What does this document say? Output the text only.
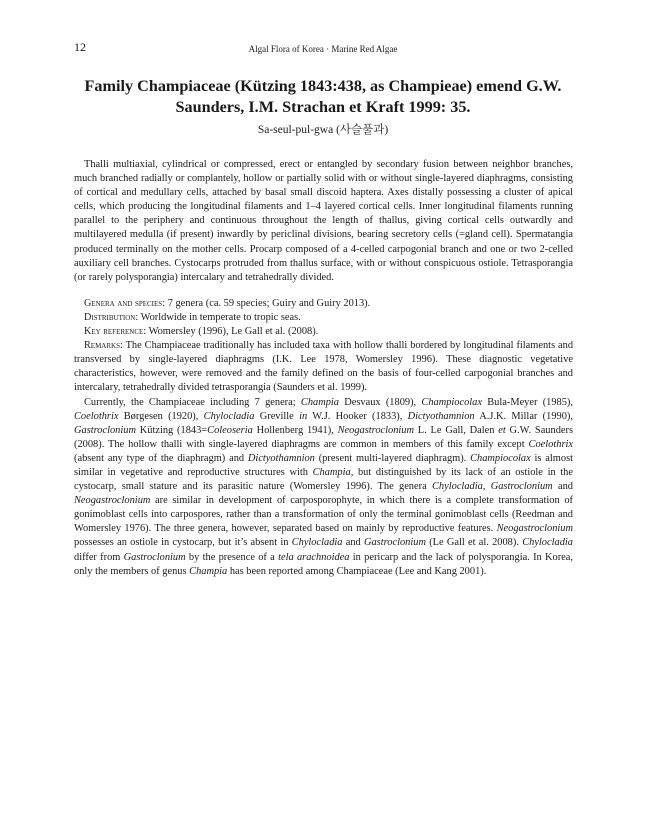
12	Algal Flora of Korea · Marine Red Algae
Family Champiaceae (Kützing 1843:438, as Champieae) emend G.W. Saunders, I.M. Strachan et Kraft 1999: 35.
Sa-seul-pul-gwa (사슬풀과)

Thalli multiaxial, cylindrical or compressed, erect or entangled by secondary fusion between neighbor branches, much branched radially or complantely, hollow or partially solid with or without single-layered diaphragms, consisting of cortical and medullary cells, attached by basal small discoid haptera. Axes distally possessing a cluster of apical cells, which producing the longitudinal filaments and 1–4 layered cortical cells. Inner longitudinal filaments running parallel to the periphery and continuous throughout the length of thallus, giving cortical cells outwardly and multilayered medulla (if present) inwardly by periclinal divisions, bearing secretory cells (=gland cell). Spermatangia produced terminally on the mother cells. Procarp composed of a 4-celled carpogonial branch and one or two 2-celled auxiliary cell branches. Cystocarps protruded from thallus surface, with or without conspicuous ostiole. Tetrasporangia (or rarely polysporangia) intercalary and tetrahedrally divided.

Genera and species: 7 genera (ca. 59 species; Guiry and Guiry 2013).

Distribution: Worldwide in temperate to tropic seas.

Key reference: Womersley (1996), Le Gall et al. (2008).

Remarks: The Champiaceae traditionally has included taxa with hollow thalli bordered by longitudinal filaments and transversed by single-layered diaphragms (I.K. Lee 1978, Womersley 1996). These diagnostic vegetative characteristics, however, were removed and the family defined on the basis of four-celled carpogonial branches and intercalary, tetrahedrally divided tetrasporangia (Saunders et al. 1999).

Currently, the Champiaceae including 7 genera; Champia Desvaux (1809), Champiocolax Bula-Meyer (1985), Coelothrix Børgesen (1920), Chylocladia Greville in W.J. Hooker (1833), Dictyothamnion A.J.K. Millar (1990), Gastroclonium Kützing (1843=Coleoseria Hollenberg 1941), Neogastroclonium L. Le Gall, Dalen et G.W. Saunders (2008). The hollow thalli with single-layered diaphragms are common in members of this family except Coelothrix (absent any type of the diaphragm) and Dictyothamnion (present multi-layered diaphragm). Champiocolax is almost similar in vegetative and reproductive structures with Champia, but distinguished by its lack of an ostiole in the cystocarp, small stature and its parasitic nature (Womersley 1996). The genera Chylocladia, Gastroclonium and Neogastroclonium are similar in development of carposporophyte, in which there is a complete transformation of gonimoblast cells into carpospores, rather than a transformation of only the terminal gonimoblast cells (Reedman and Womersley 1976). The three genera, however, separated based on mainly by reproductive features. Neogastroclonium possesses an ostiole in cystocarp, but it’s absent in Chylocladia and Gastroclonium (Le Gall et al. 2008). Chylocladia differ from Gastroclonium by the presence of a tela arachnoidea in pericarp and the lack of polysporangia. In Korea, only the members of genus Champia has been reported among Champiaceae (Lee and Kang 2001).
